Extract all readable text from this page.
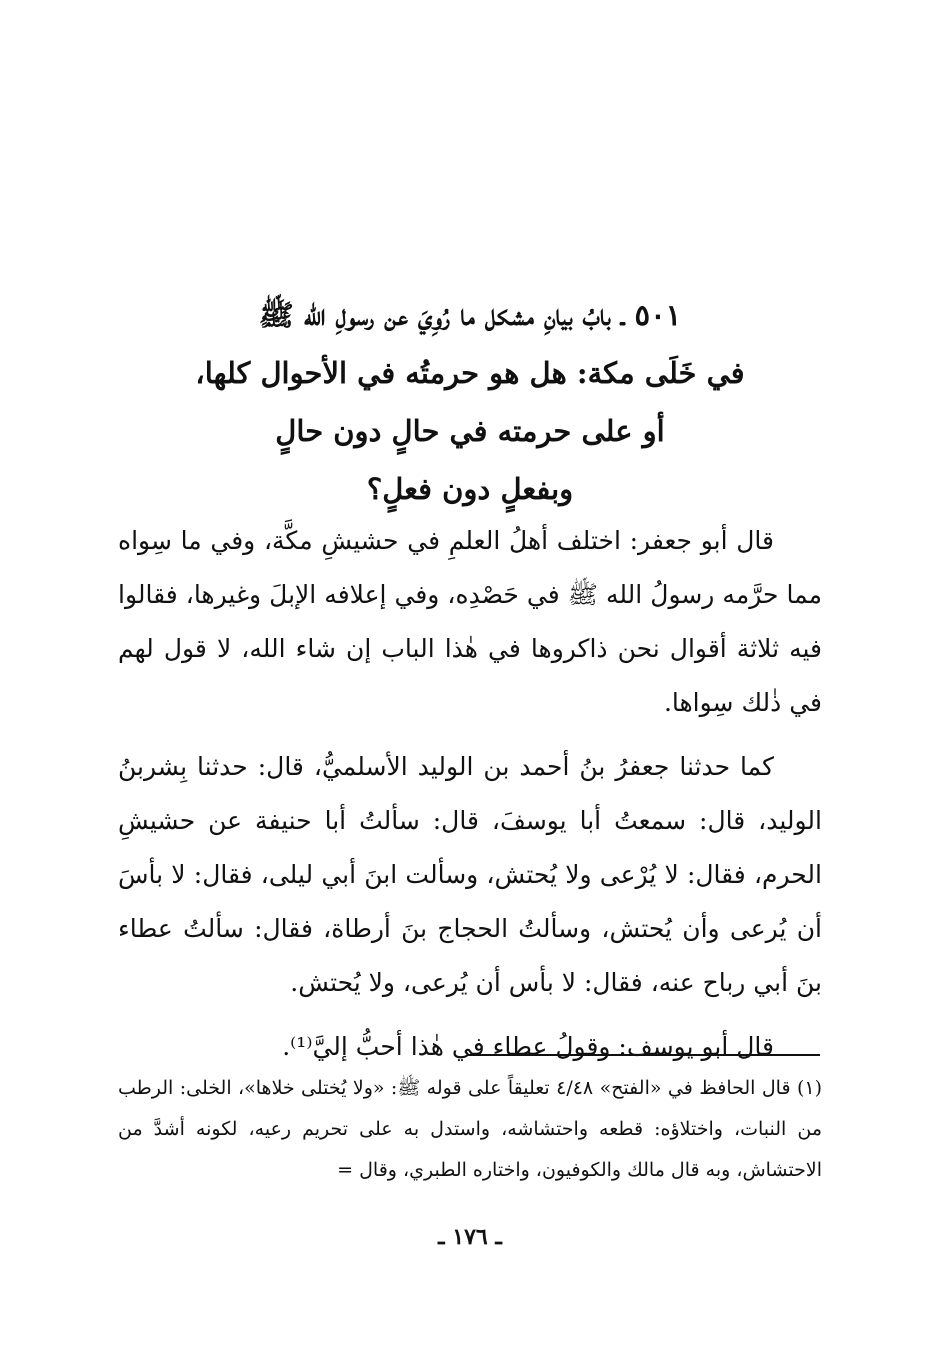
٥٠١ ـ بابُ بيانِ مشكل ما رُوِيَ عن رسولِ الله ﷺ
في خَلَى مكة: هل هو حرمتُه في الأحوال كلها،
أو على حرمته في حالٍ دون حالٍ
وبفعلٍ دون فعلٍ؟

قال أبو جعفر: اختلف أهلُ العلمِ في حشيشِ مكَّة، وفي ما سِواه مما حرَّمه رسولُ الله ﷺ في حَصْدِه، وفي إعلافه الإبلَ وغيرها، فقالوا فيه ثلاثة أقوال نحن ذاكروها في هٰذا الباب إن شاء الله، لا قول لهم في ذٰلك سِواها.

كما حدثنا جعفرُ بنُ أحمد بن الوليد الأسلميُّ، قال: حدثنا بِشربنُ الوليد، قال: سمعتُ أبا يوسفَ، قال: سألتُ أبا حنيفة عن حشيشِ الحرم، فقال: لا يُرْعى ولا يُحتش، وسألت ابنَ أبي ليلى، فقال: لا بأسَ أن يُرعى وأن يُحتش، وسألتُ الحجاج بنَ أرطاة، فقال: سألتُ عطاء بنَ أبي رباح عنه، فقال: لا بأس أن يُرعى، ولا يُحتش.

قال أبو يوسف: وقولُ عطاء في هٰذا أحبُّ إليَّ⁽¹⁾.

(١) قال الحافظ في «الفتح» ٤/٤٨ تعليقاً على قوله ﷺ: «ولا يُختلى خلاها»، الخلى: الرطب من النبات، واختلاؤه: قطعه واحتشاشه، واستدل به على تحريم رعيه، لكونه أشدَّ من الاحتشاش، وبه قال مالك والكوفيون، واختاره الطبري، وقال =

ـ ١٧٦ ـ
